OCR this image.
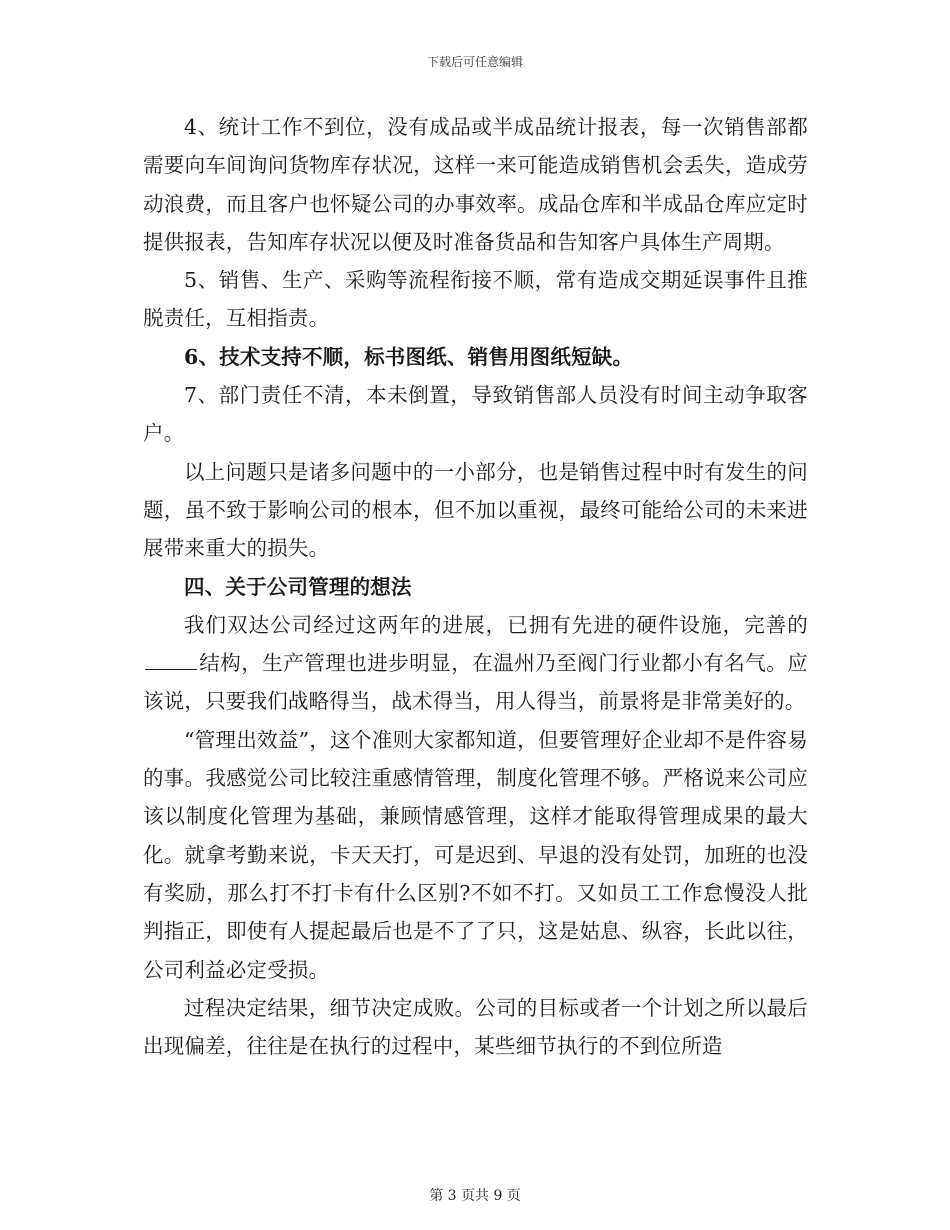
下载后可任意编辑

4、统计工作不到位，没有成品或半成品统计报表，每一次销售部都需要向车间询问货物库存状况，这样一来可能造成销售机会丢失，造成劳动浪费，而且客户也怀疑公司的办事效率。成品仓库和半成品仓库应定时提供报表，告知库存状况以便及时准备货品和告知客户具体生产周期。

5、销售、生产、采购等流程衔接不顺，常有造成交期延误事件且推脱责任，互相指责。

6、技术支持不顺，标书图纸、销售用图纸短缺。

7、部门责任不清，本未倒置，导致销售部人员没有时间主动争取客户。

以上问题只是诸多问题中的一小部分，也是销售过程中时有发生的问题，虽不致于影响公司的根本，但不加以重视，最终可能给公司的未来进展带来重大的损失。

四、关于公司管理的想法

我们双达公司经过这两年的进展，已拥有先进的硬件设施，完善的结构，生产管理也进步明显，在温州乃至阀门行业都小有名气。应该说，只要我们战略得当，战术得当，用人得当，前景将是非常美好的。

“管理出效益”，这个准则大家都知道，但要管理好企业却不是件容易的事。我感觉公司比较注重感情管理，制度化管理不够。严格说来公司应该以制度化管理为基础，兼顾情感管理，这样才能取得管理成果的最大化。就拿考勤来说，卡天天打，可是迟到、早退的没有处罚，加班的也没有奖励，那么打不打卡有什么区别?不如不打。又如员工工作怠慢没人批判指正，即使有人提起最后也是不了了只，这是姑息、纵容，长此以往，公司利益必定受损。

过程决定结果，细节决定成败。公司的目标或者一个计划之所以最后出现偏差，往往是在执行的过程中，某些细节执行的不到位所造

第 3 页共 9 页
